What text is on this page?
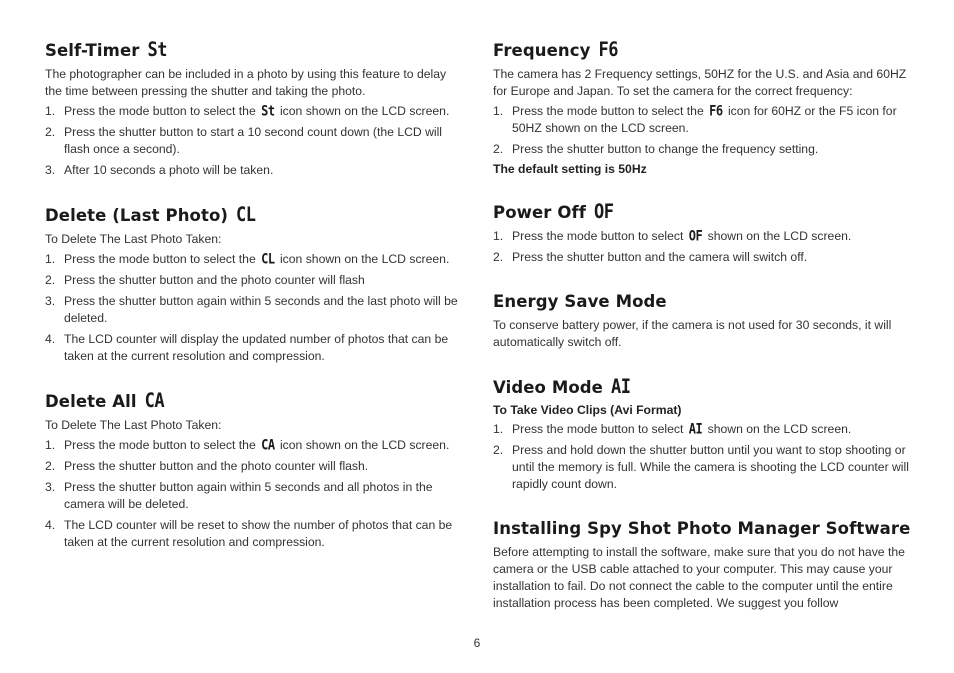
Self-Timer St

The photographer can be included in a photo by using this feature to delay the time between pressing the shutter and taking the photo.

1. Press the mode button to select the St icon shown on the LCD screen.
2. Press the shutter button to start a 10 second count down (the LCD will flash once a second).
3. After 10 seconds a photo will be taken.
Delete (Last Photo) CL

To Delete The Last Photo Taken:

1. Press the mode button to select the CL icon shown on the LCD screen.
2. Press the shutter button and the photo counter will flash
3. Press the shutter button again within 5 seconds and the last photo will be deleted.
4. The LCD counter will display the updated number of photos that can be taken at the current resolution and compression.
Delete All CA

To Delete The Last Photo Taken:

1. Press the mode button to select the CA icon shown on the LCD screen.
2. Press the shutter button and the photo counter will flash.
3. Press the shutter button again within 5 seconds and all photos in the camera will be deleted.
4. The LCD counter will be reset to show the number of photos that can be taken at the current resolution and compression.
Frequency F6

The camera has 2 Frequency settings, 50HZ for the U.S. and Asia and 60HZ for Europe and Japan. To set the camera for the correct frequency:

1. Press the mode button to select the F6 icon for 60HZ or the F5 icon for 50HZ shown on the LCD screen.
2. Press the shutter button to change the frequency setting.
The default setting is 50Hz
Power Off OF
1. Press the mode button to select OF shown on the LCD screen.
2. Press the shutter button and the camera will switch off.
Energy Save Mode

To conserve battery power, if the camera is not used for 30 seconds, it will automatically switch off.

Video Mode AI
To Take Video Clips (Avi Format)
1. Press the mode button to select AI shown on the LCD screen.
2. Press and hold down the shutter button until you want to stop shooting or until the memory is full. While the camera is shooting the LCD counter will rapidly count down.
Installing Spy Shot Photo Manager Software

Before attempting to install the software, make sure that you do not have the camera or the USB cable attached to your computer. This may cause your installation to fail. Do not connect the cable to the computer until the entire installation process has been completed. We suggest you follow

6
